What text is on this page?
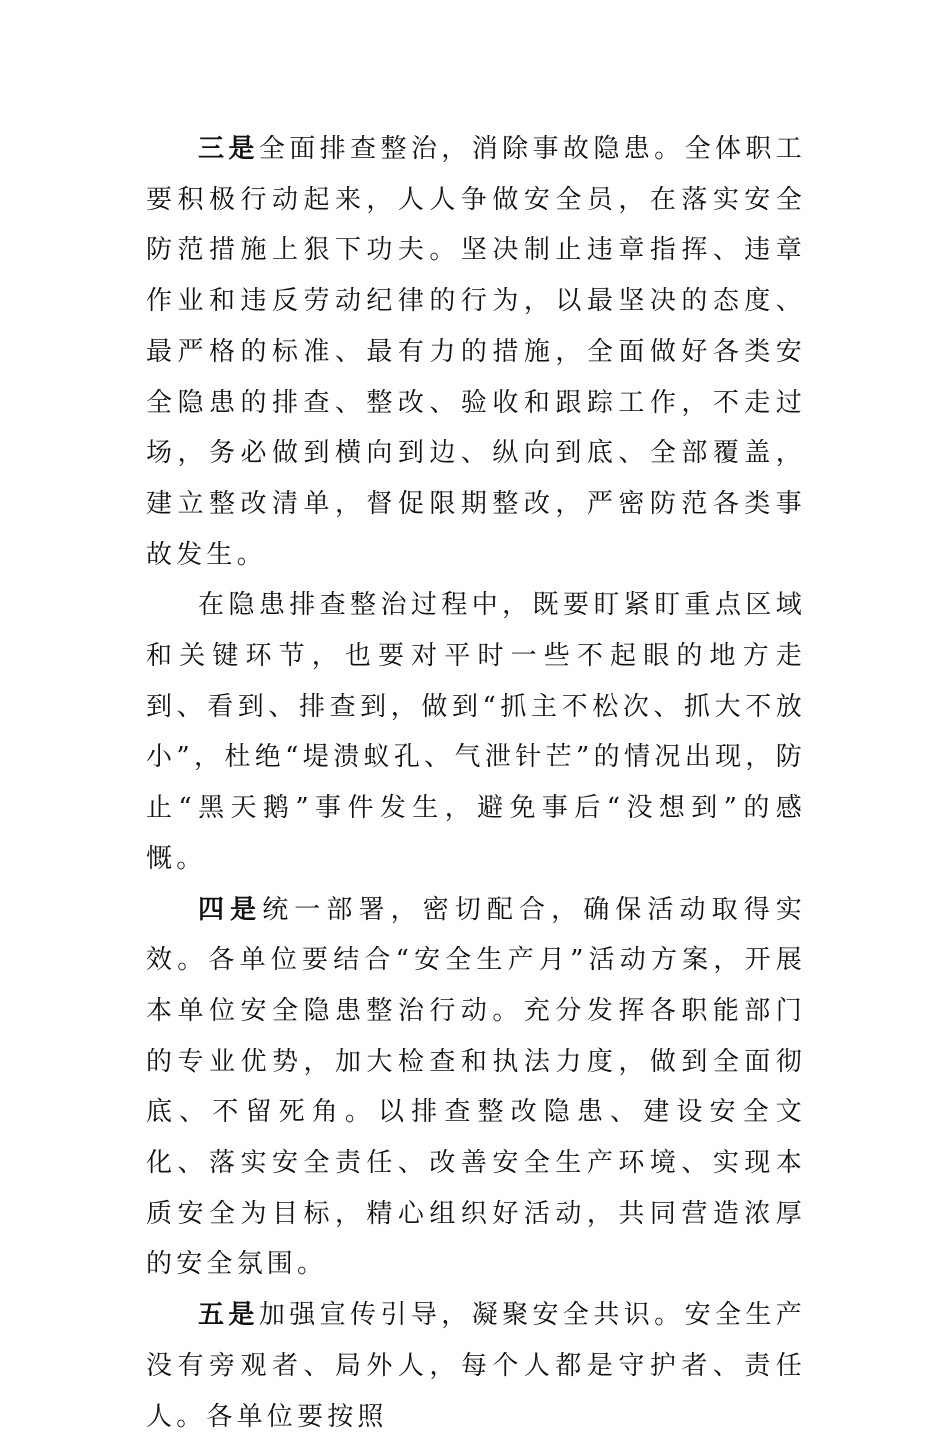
三是全面排查整治，消除事故隐患。全体职工要积极行动起来，人人争做安全员，在落实安全防范措施上狠下功夫。坚决制止违章指挥、违章作业和违反劳动纪律的行为，以最坚决的态度、最严格的标准、最有力的措施，全面做好各类安全隐患的排查、整改、验收和跟踪工作，不走过场，务必做到横向到边、纵向到底、全部覆盖，建立整改清单，督促限期整改，严密防范各类事故发生。

在隐患排查整治过程中，既要盯紧盯重点区域和关键环节，也要对平时一些不起眼的地方走到、看到、排查到，做到“抓主不松次、抓大不放小”，杜绝“堤溃蚁孔、气泄针芒”的情况出现，防止“黑天鹅”事件发生，避免事后“没想到”的感慨。

四是统一部署，密切配合，确保活动取得实效。各单位要结合“安全生产月”活动方案，开展本单位安全隐患整治行动。充分发挥各职能部门的专业优势，加大检查和执法力度，做到全面彻底、不留死角。以排查整改隐患、建设安全文化、落实安全责任、改善安全生产环境、实现本质安全为目标，精心组织好活动，共同营造浓厚的安全氛围。

五是加强宣传引导，凝聚安全共识。安全生产没有旁观者、局外人，每个人都是守护者、责任人。各单位要按照
